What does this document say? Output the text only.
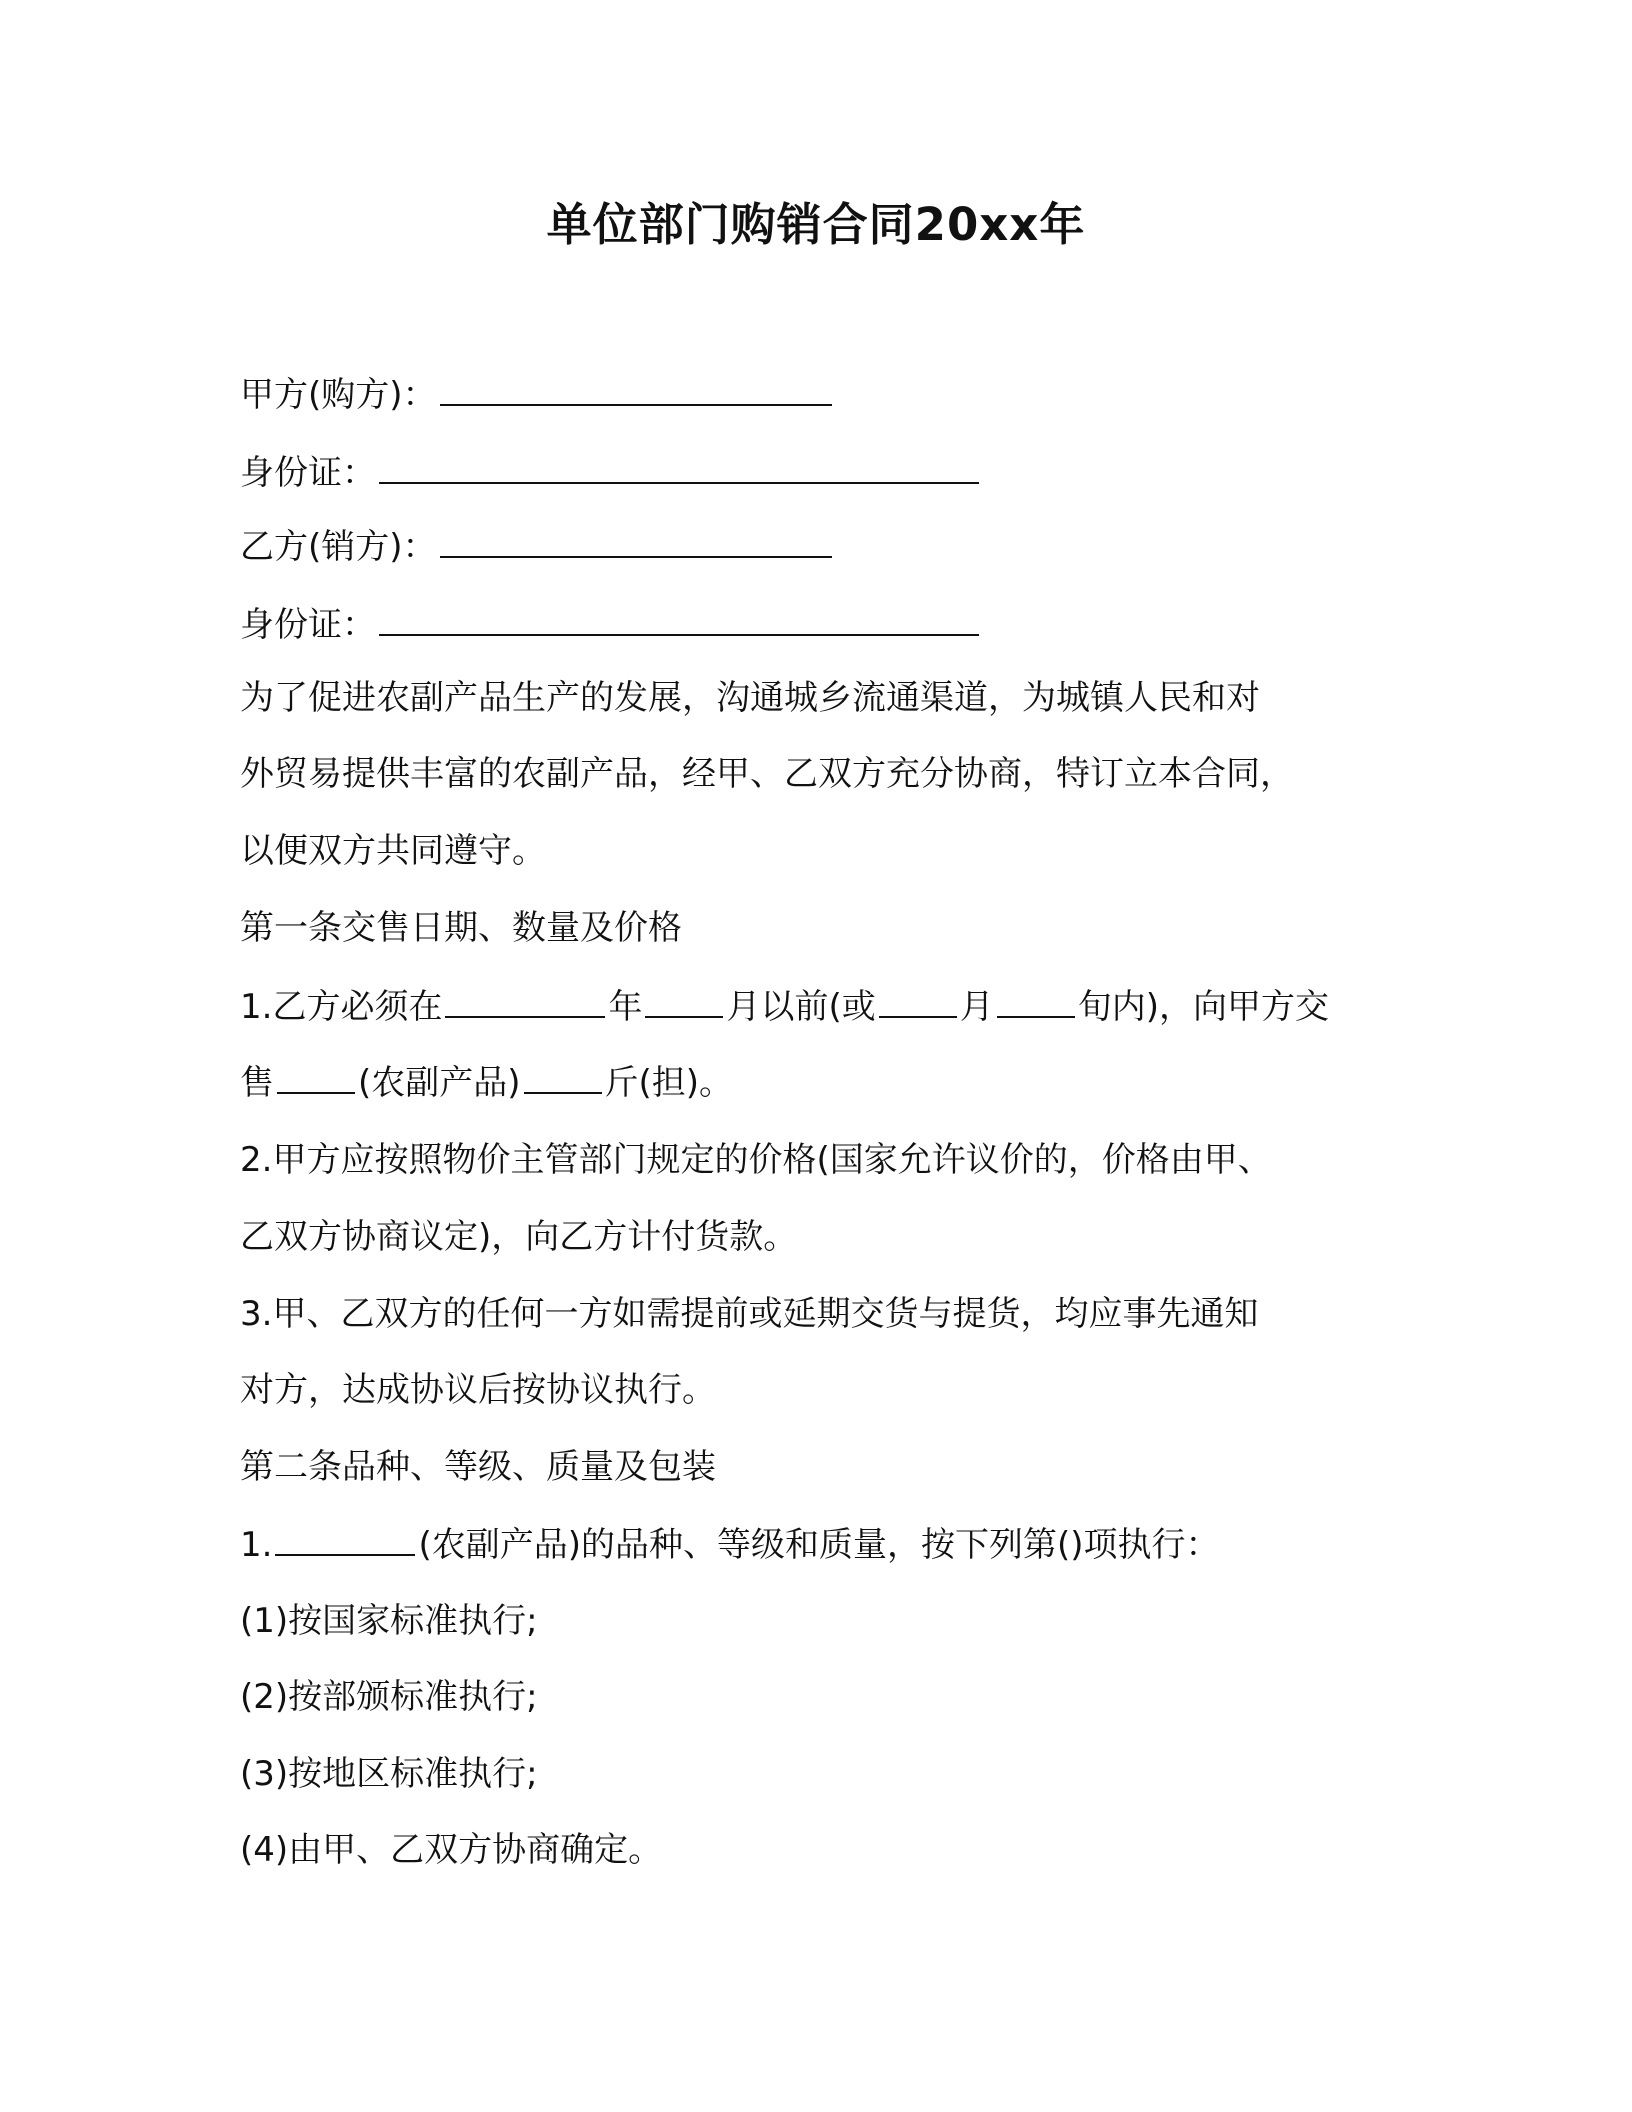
单位部门购销合同20xx年
甲方(购方)：
身份证：
乙方(销方)：
身份证：
为了促进农副产品生产的发展，沟通城乡流通渠道，为城镇人民和对
外贸易提供丰富的农副产品，经甲、乙双方充分协商，特订立本合同，
以便双方共同遵守。
第一条交售日期、数量及价格
1.乙方必须在	年 月以前(或 月 旬内)，向甲方交
售 (农副产品) 斤(担)。
2.甲方应按照物价主管部门规定的价格(国家允许议价的，价格由甲、
乙双方协商议定)，向乙方计付货款。
3.甲、乙双方的任何一方如需提前或延期交货与提货，均应事先通知
对方，达成协议后按协议执行。
第二条品种、等级、质量及包装
1.	(农副产品)的品种、等级和质量，按下列第()项执行：
(1)按国家标准执行;
(2)按部颁标准执行;
(3)按地区标准执行;
(4)由甲、乙双方协商确定。
